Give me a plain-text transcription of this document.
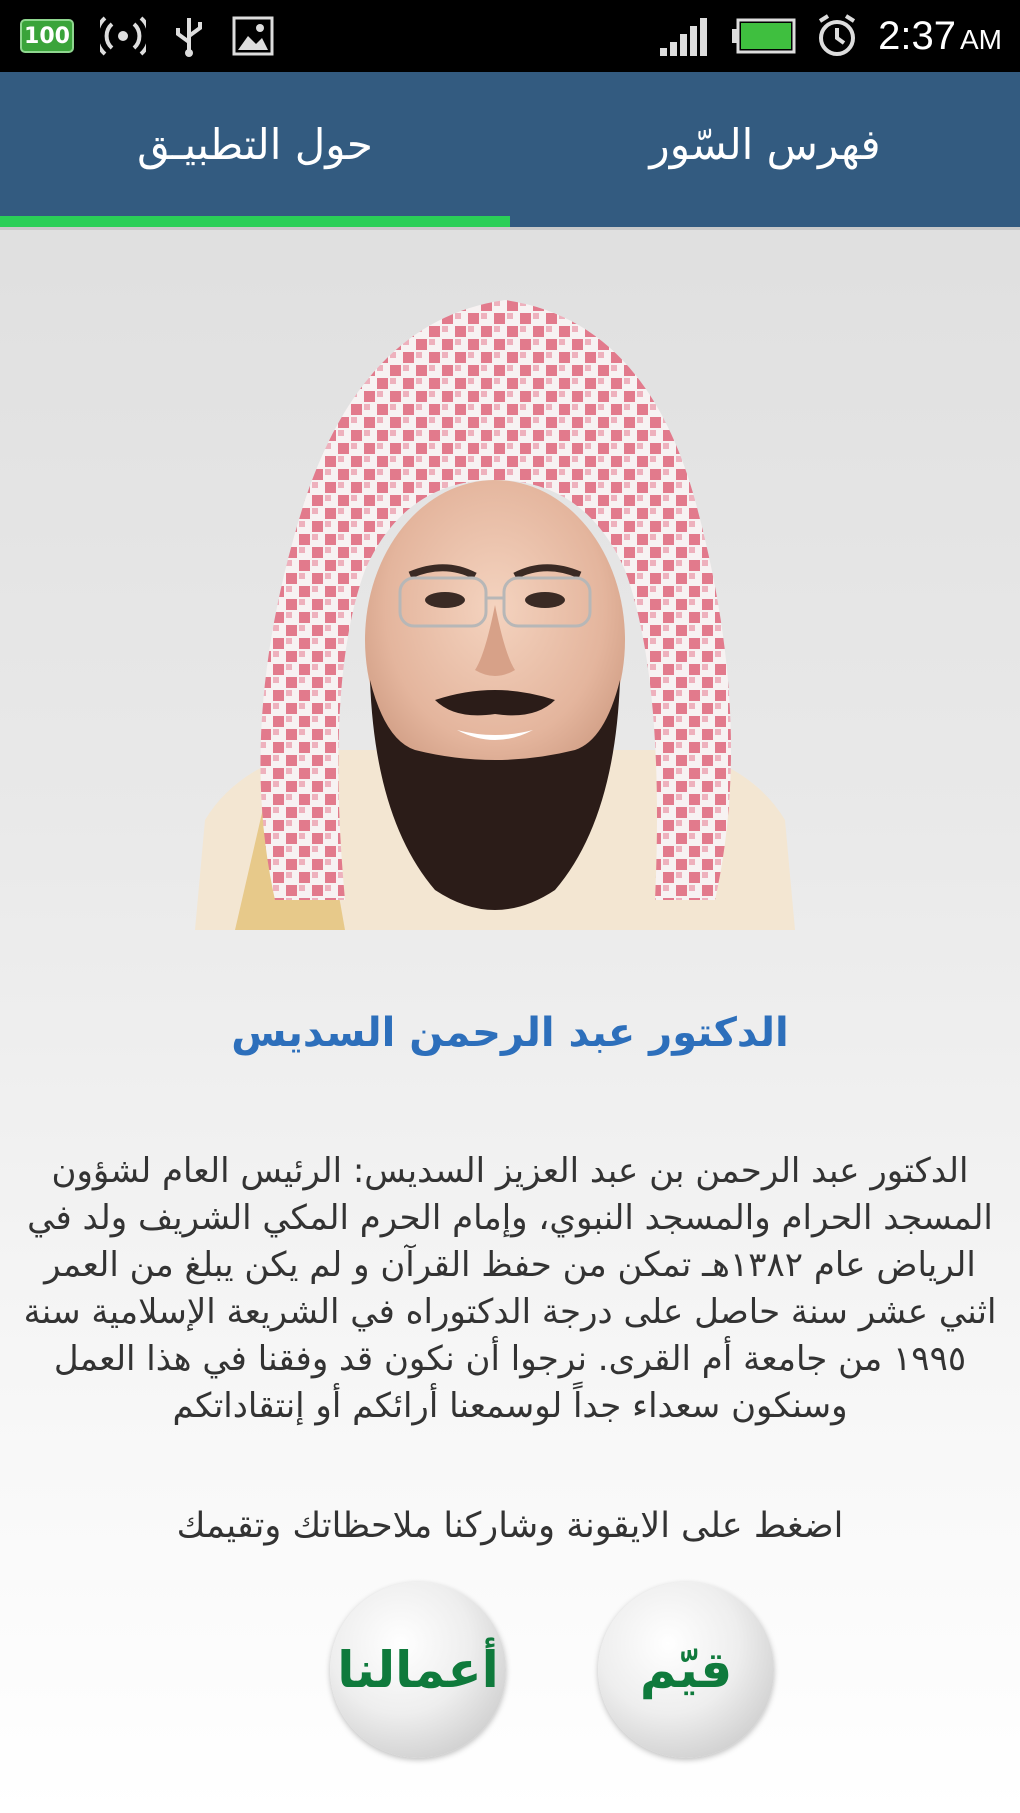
100	2:37 AM
حول التطبيـق	فهرس السّور
الدكتور عبد الرحمن السديس
الدكتور عبد الرحمن بن عبد العزيز السديس: الرئيس العام لشؤون المسجد الحرام والمسجد النبوي، وإمام الحرم المكي الشريف ولد في الرياض عام ١٣٨٢هـ تمكن من حفظ القرآن و لم يكن يبلغ من العمر اثني عشر سنة حاصل على درجة الدكتوراه في الشريعة الإسلامية سنة ١٩٩٥ من جامعة أم القرى. نرجوا أن نكون قد وفقنا في هذا العمل وسنكون سعداء جداً لوسمعنا أرائكم أو إنتقاداتكم
اضغط على الايقونة وشاركنا ملاحظاتك وتقيمك
أعمالنا	قيّم
